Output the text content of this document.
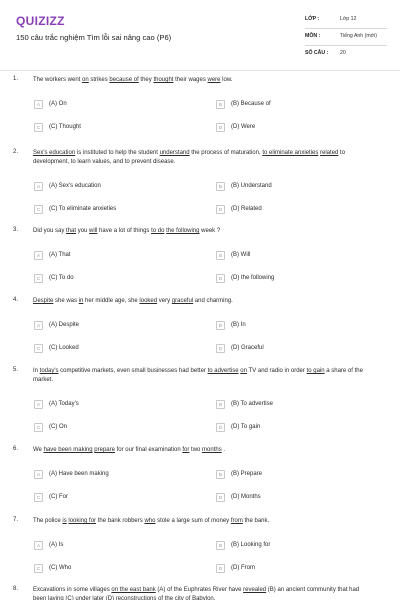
QUIZIZZ
150 câu trắc nghiệm Tìm lỗi sai nâng cao (P6)
LỚP :	Lớp 12
MÔN :	Tiếng Anh (mới)
SỐ CÂU : 20
1. The workers went on strikes because of they thought their wages were low.
A	(A) On	B	(B) Because of
C	(C) Thought	D	(D) Were
2. Sex's education is instituted to help the student understand the process of maturation, to eliminate anxieties related to development, to learn values, and to prevent disease.
A	(A) Sex's education	B	(B) Understand
C	(C) To eliminate anxieties	D	(D) Related
3. Did you say that you will have a lot of things to do the following week ?
A	(A) That	B	(B) Will
C	(C) To do	D	(D) the following
4. Despite she was in her middle age, she looked very graceful and charming.
A	(A) Despite	B	(B) In
C	(C) Looked	D	(D) Graceful
5. In today's competitive markets, even small businesses had better to advertise on TV and radio in order to gain a share of the market.
A	(A) Today's	B	(B) To advertise
C	(C) On	D	(D) To gain
6. We have been making prepare for our final examination for two months .
A	(A) Have been making	B	(B) Prepare
C	(C) For	D	(D) Months
7. The police is looking for the bank robbers who stole a large sum of money from the bank.
A	(A) Is	B	(B) Looking for
C	(C) Who	D	(D) From
8. Excavations in some villages on the east bank (A) of the Euphrates River have revealed (B) an ancient community that had been laying (C) under later (D) reconstructions of the city of Babylon.
